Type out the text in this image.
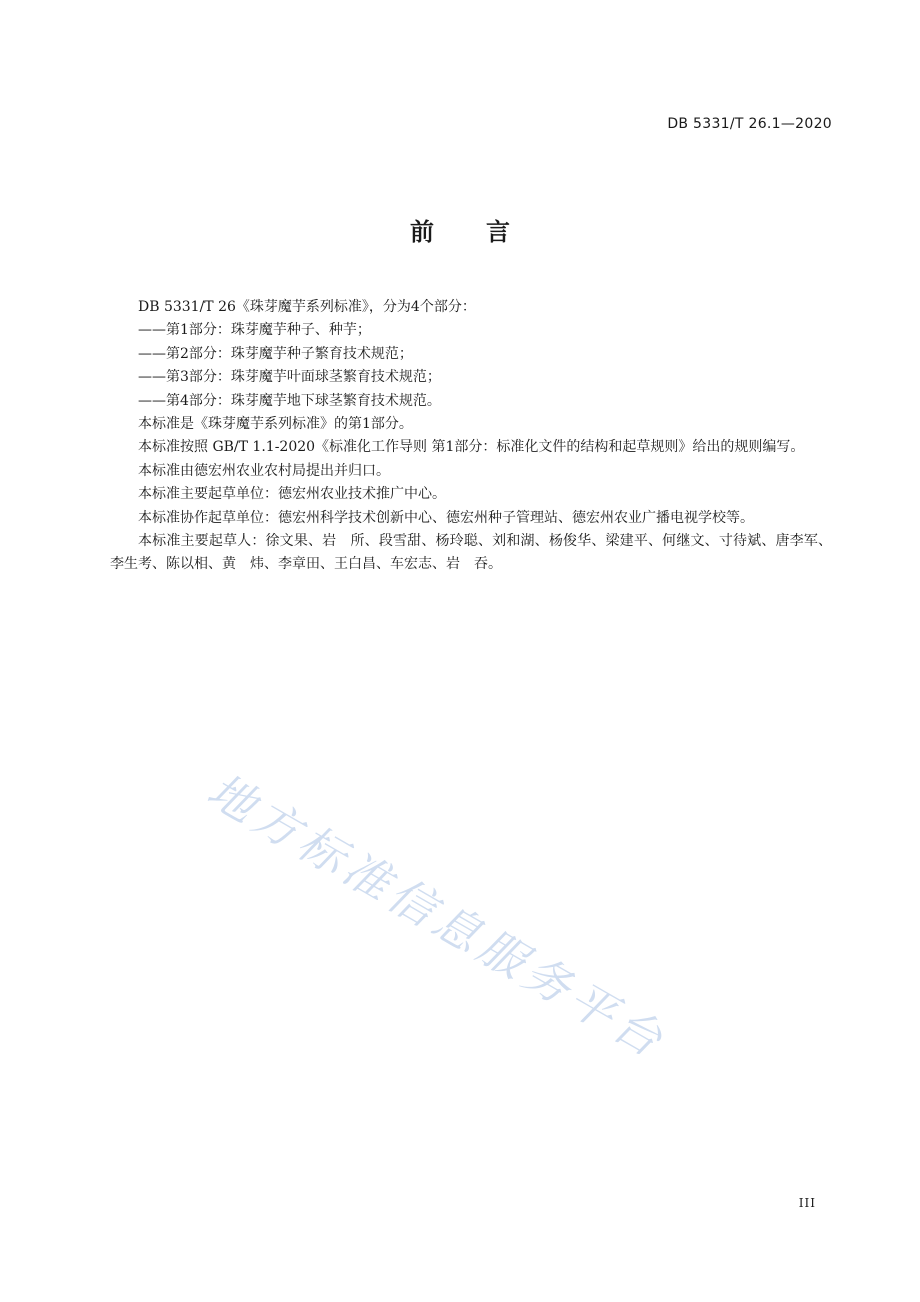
DB 5331/T 26.1—2020
前 言

DB 5331/T 26《珠芽魔芋系列标准》，分为4个部分：

——第1部分：珠芽魔芋种子、种芋；

——第2部分：珠芽魔芋种子繁育技术规范；

——第3部分：珠芽魔芋叶面球茎繁育技术规范；

——第4部分：珠芽魔芋地下球茎繁育技术规范。

本标准是《珠芽魔芋系列标准》的第1部分。

本标准按照 GB/T 1.1-2020《标准化工作导则 第1部分：标准化文件的结构和起草规则》给出的规则编写。

本标准由德宏州农业农村局提出并归口。

本标准主要起草单位：德宏州农业技术推广中心。

本标准协作起草单位：德宏州科学技术创新中心、德宏州种子管理站、德宏州农业广播电视学校等。

本标准主要起草人：徐文果、岩　所、段雪甜、杨玲聪、刘和湖、杨俊华、梁建平、何继文、寸待斌、唐李军、李生考、陈以相、黄　炜、李章田、王白昌、车宏志、岩　吞。

地方标准信息服务平台
III
